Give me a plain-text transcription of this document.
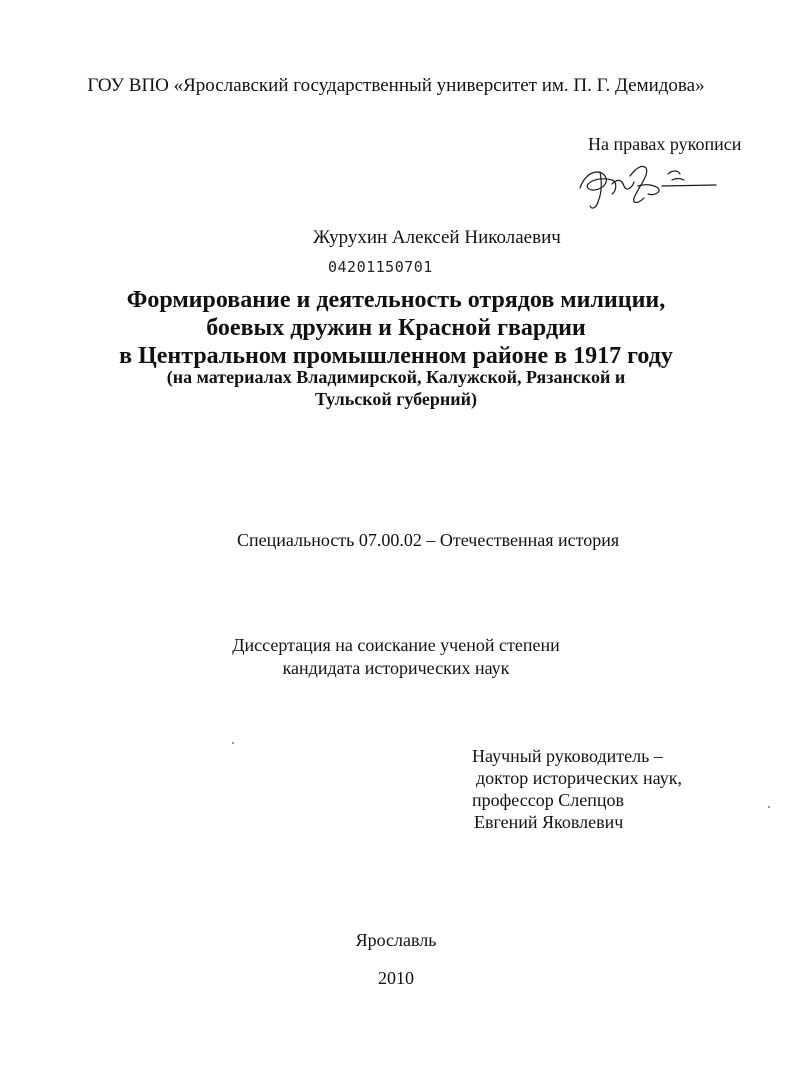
ГОУ ВПО «Ярославский государственный университет им. П. Г. Демидова»
На правах рукописи
Журухин Алексей Николаевич
04201150701
Формирование и деятельность отрядов милиции,
боевых дружин и Красной гвардии
в Центральном промышленном районе в 1917 году
(на материалах Владимирской, Калужской, Рязанской и
Тульской губерний)
Специальность 07.00.02 – Отечественная история
Диссертация на соискание ученой степени
кандидата исторических наук
Научный руководитель –
доктор исторических наук,
профессор Слепцов
Евгений Яковлевич
Ярославль
2010
